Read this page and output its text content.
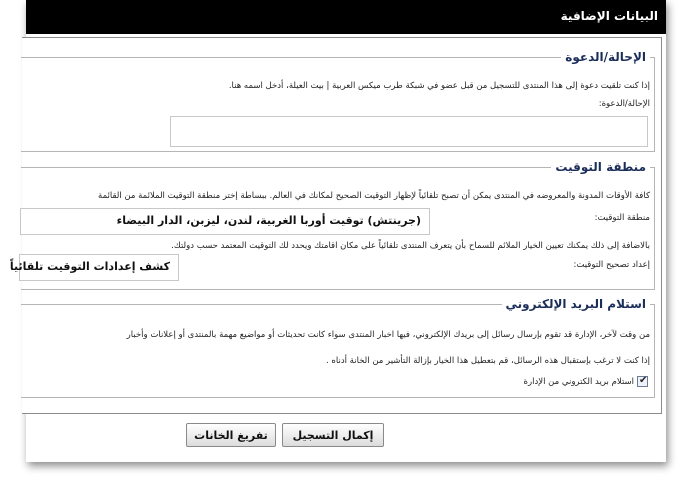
البيانات الإضافية
الإحالة/الدعوة
إذا كنت تلقيت دعوة إلى هذا المنتدى للتسجيل من قبل عضو في شبكة طرب ميكس العربية | بيت العيلة، أدخل اسمه هنا.
الإحالة/الدعوة:
منطقة التوقيت
كافة الأوقات المدونة والمعروضه في المنتدى يمكن أن تصبح تلقائياً لإظهار التوقيت الصحيح لمكانك في العالم. ببساطة إختر منطقة التوقيت الملائمة من القائمة
منطقة التوقيت:
(جرينتش) توقيت أوربا الغربية، لندن، ليزبن، الدار البيضاء
بالاضافة إلى ذلك يمكنك تعيين الخيار الملائم للسماح بأن يتعرف المنتدى تلقائياً على مكان اقامتك ويحدد لك التوقيت المعتمد حسب دولتك.
إعداد تصحيح التوقيت:
كشف إعدادات التوقيت تلقائياً
استلام البريد الإلكتروني
من وقت لآخر، الإدارة قد تقوم بإرسال رسائل إلى بريدك الإلكتروني، فيها اخبار المنتدى سواء كانت تحديثات أو مواضيع مهمة بالمنتدى أو إعلانات وأخبار
إذا كنت لا ترغب بإستقبال هذه الرسائل، قم بتعطيل هذا الخيار بإزالة التأشير من الخانة أدناه .
✔
استلام بريد الكتروني من الإدارة
إكمال التسجيل
تفريغ الخانات
